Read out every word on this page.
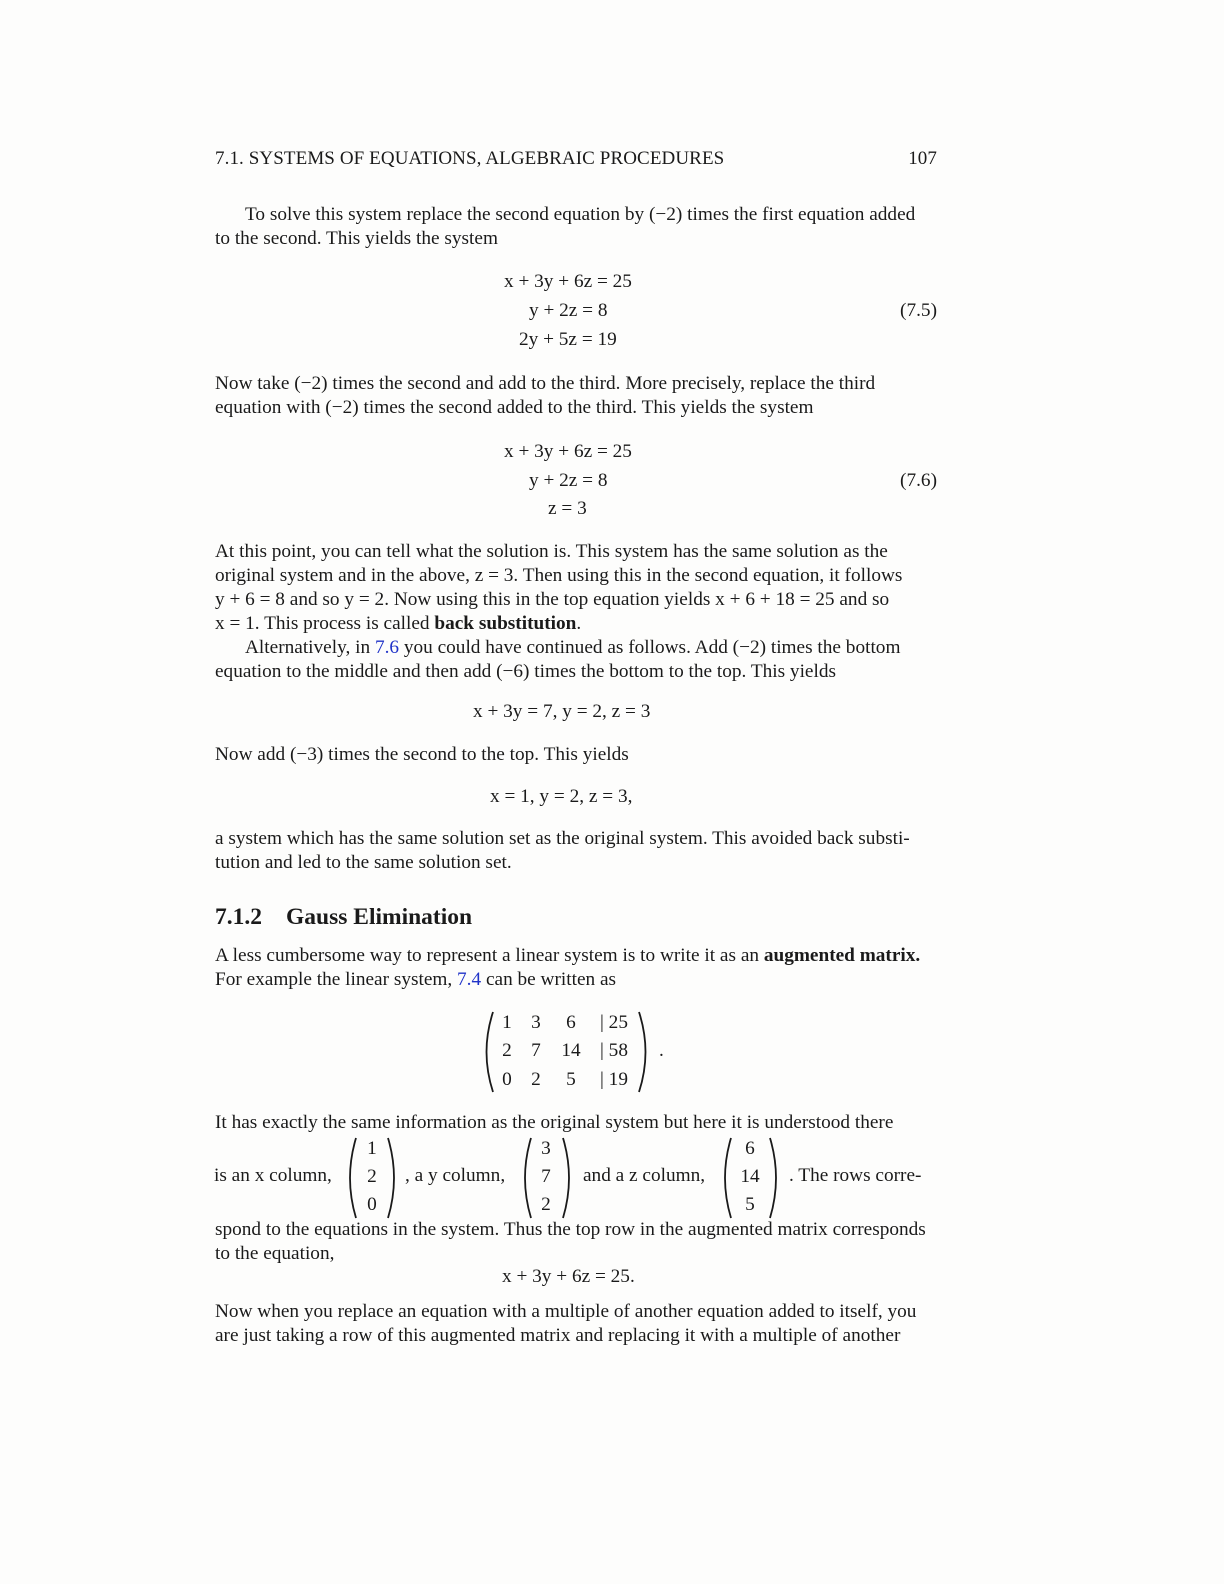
7.1. SYSTEMS OF EQUATIONS, ALGEBRAIC PROCEDURES	107
To solve this system replace the second equation by (−2) times the first equation added
to the second. This yields the system
x + 3y + 6z = 25
y + 2z = 8
2y + 5z = 19
(7.5)
Now take (−2) times the second and add to the third. More precisely, replace the third
equation with (−2) times the second added to the third. This yields the system
x + 3y + 6z = 25
y + 2z = 8
z = 3
(7.6)
At this point, you can tell what the solution is. This system has the same solution as the
original system and in the above, z = 3. Then using this in the second equation, it follows
y + 6 = 8 and so y = 2. Now using this in the top equation yields x + 6 + 18 = 25 and so
x = 1. This process is called back substitution.
Alternatively, in 7.6 you could have continued as follows. Add (−2) times the bottom
equation to the middle and then add (−6) times the bottom to the top. This yields
x + 3y = 7, y = 2, z = 3
Now add (−3) times the second to the top. This yields
x = 1, y = 2, z = 3,
a system which has the same solution set as the original system. This avoided back substi-
tution and led to the same solution set.
7.1.2 Gauss Elimination
A less cumbersome way to represent a linear system is to write it as an augmented matrix.
For example the linear system, 7.4 can be written as
1 3	6	| 25
2 7 14 | 58
0 2	5	| 19
.
It has exactly the same information as the original system but here it is understood there
is an x column,
1
2
0
, a y column,
3
7
2
and a z column,
6
14
5
. The rows corre-
spond to the equations in the system. Thus the top row in the augmented matrix corresponds
to the equation,
x + 3y + 6z = 25.
Now when you replace an equation with a multiple of another equation added to itself, you
are just taking a row of this augmented matrix and replacing it with a multiple of another
